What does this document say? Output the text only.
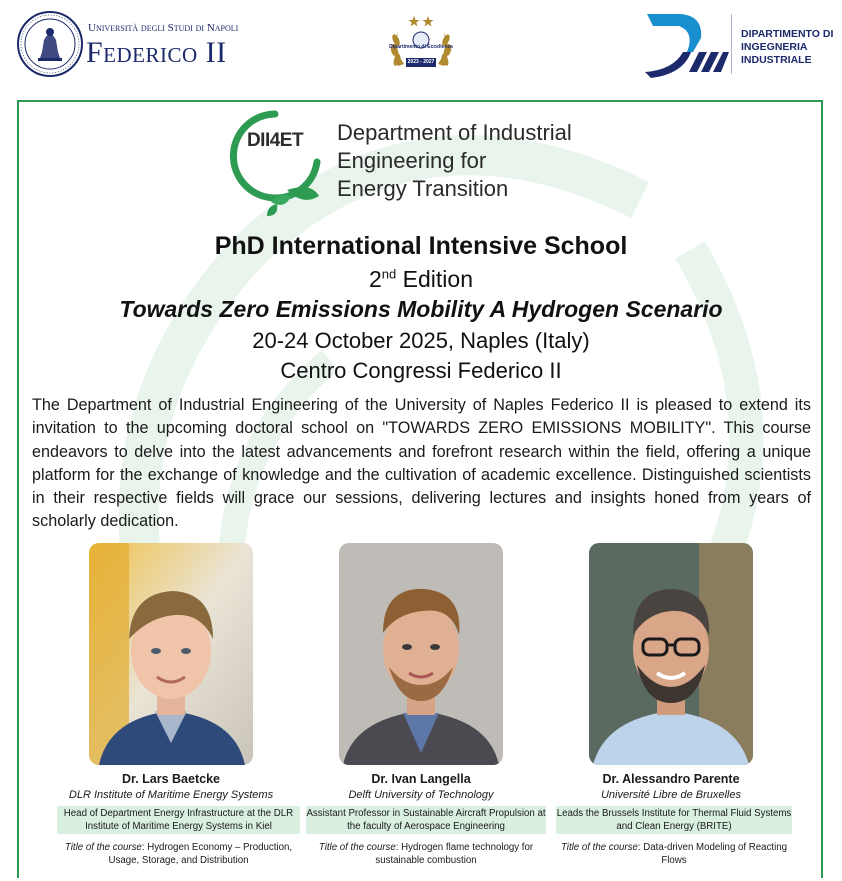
Università degli Studi di Napoli
Federico II	Dipartimento di Eccellenza
2023 - 2027
DIPARTIMENTO DI
INGEGNERIA
INDUSTRIALE
DII4ET	Department of Industrial
Engineering for
Energy Transition
PhD International Intensive School
2nd Edition
Towards Zero Emissions Mobility A Hydrogen Scenario
20-24 October 2025, Naples (Italy)
Centro Congressi Federico II
The Department of Industrial Engineering of the University of Naples Federico II is pleased to extend its invitation to the upcoming doctoral school on "TOWARDS ZERO EMISSIONS MOBILITY". This course endeavors to delve into the latest advancements and forefront research within the field, offering a unique platform for the exchange of knowledge and the cultivation of academic excellence. Distinguished scientists in their respective fields will grace our sessions, delivering lectures and insights honed from years of scholarly dedication.
Dr. Lars Baetcke
DLR Institute of Maritime Energy Systems
Head of Department Energy Infrastructure at the DLR Institute of Maritime Energy Systems in Kiel
Title of the course: Hydrogen Economy – Production, Usage, Storage, and Distribution
Dr. Ivan Langella
Delft University of Technology
Assistant Professor in Sustainable Aircraft Propulsion at the faculty of Aerospace Engineering
Title of the course: Hydrogen flame technology for sustainable combustion
Dr. Alessandro Parente
Université Libre de Bruxelles
Leads the Brussels Institute for Thermal Fluid Systems and Clean Energy (BRITE)
Title of the course: Data-driven Modeling of Reacting Flows
